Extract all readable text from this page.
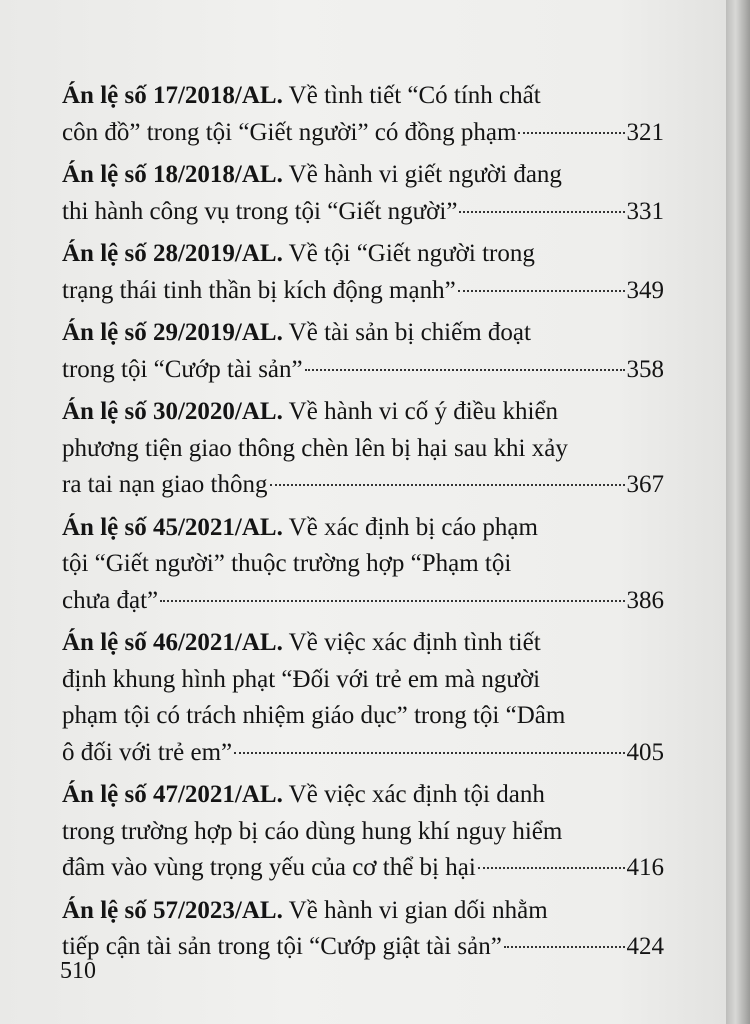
Án lệ số 17/2018/AL. Về tình tiết “Có tính chất
côn đồ” trong tội “Giết người” có đồng phạm	321
Án lệ số 18/2018/AL. Về hành vi giết người đang
thi hành công vụ trong tội “Giết người”	331
Án lệ số 28/2019/AL. Về tội “Giết người trong
trạng thái tinh thần bị kích động mạnh”	349
Án lệ số 29/2019/AL. Về tài sản bị chiếm đoạt
trong tội “Cướp tài sản”	358
Án lệ số 30/2020/AL. Về hành vi cố ý điều khiển
phương tiện giao thông chèn lên bị hại sau khi xảy
ra tai nạn giao thông	367
Án lệ số 45/2021/AL. Về xác định bị cáo phạm
tội “Giết người” thuộc trường hợp “Phạm tội
chưa đạt”	386
Án lệ số 46/2021/AL. Về việc xác định tình tiết
định khung hình phạt “Đối với trẻ em mà người
phạm tội có trách nhiệm giáo dục” trong tội “Dâm
ô đối với trẻ em”	405
Án lệ số 47/2021/AL. Về việc xác định tội danh
trong trường hợp bị cáo dùng hung khí nguy hiểm
đâm vào vùng trọng yếu của cơ thể bị hại	416
Án lệ số 57/2023/AL. Về hành vi gian dối nhằm
tiếp cận tài sản trong tội “Cướp giật tài sản”	424
510
